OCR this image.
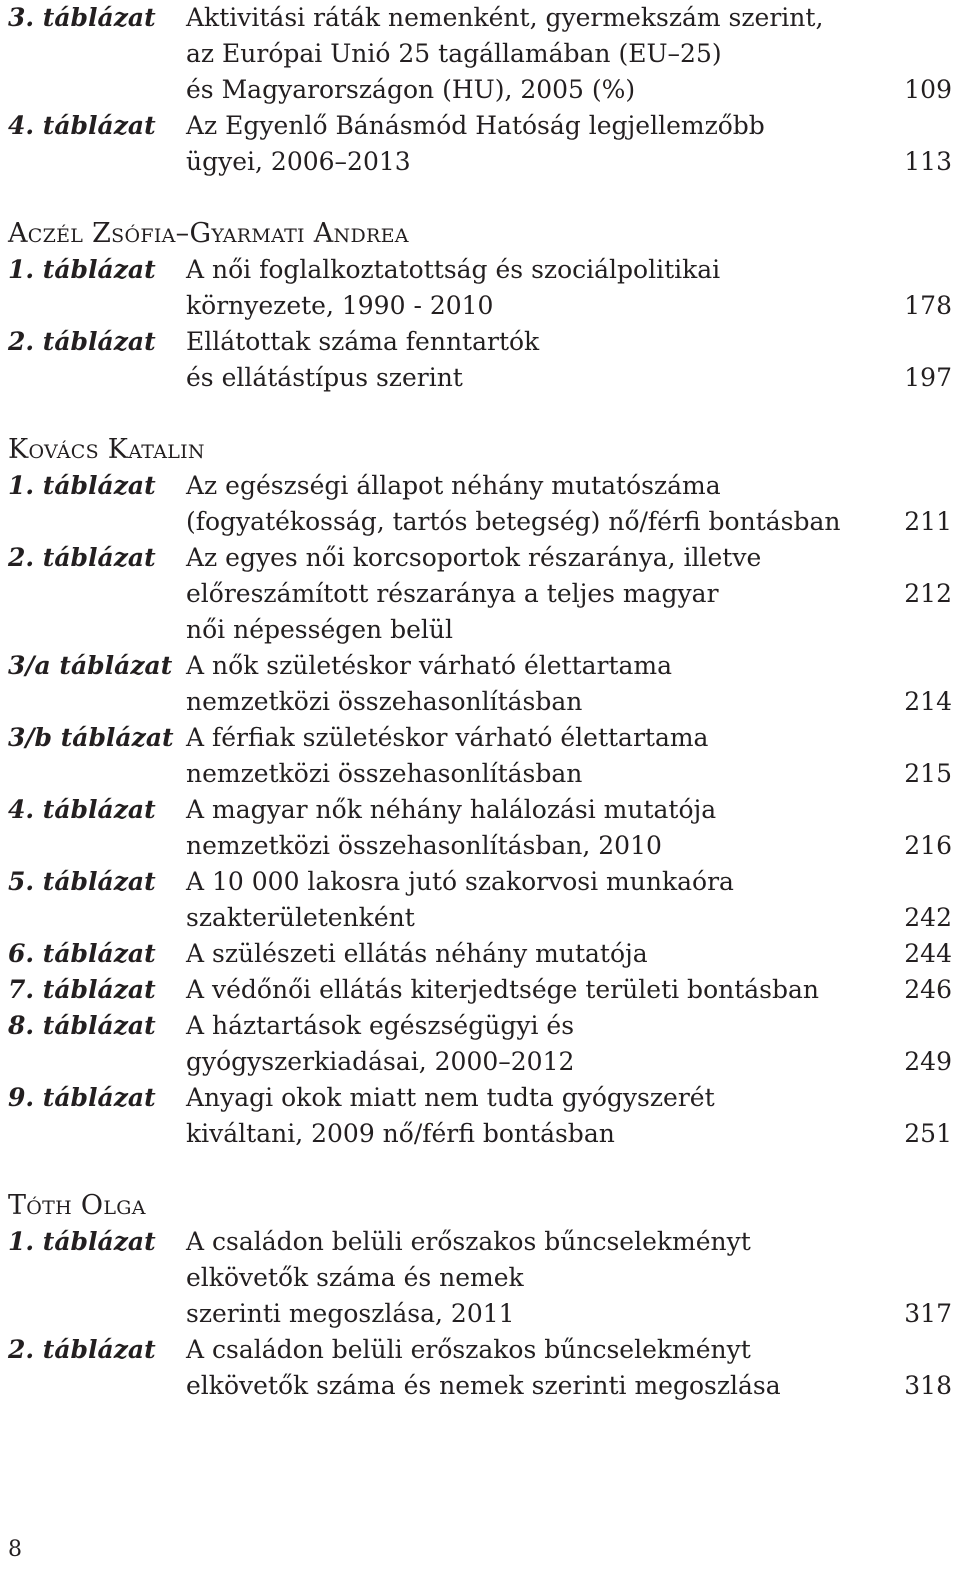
3. táblázat	Aktivitási ráták nemenként, gyermekszám szerint,
az Európai Unió 25 tagállamában (EU–25)
és Magyarországon (HU), 2005 (%)	109
4. táblázat	Az Egyenlő Bánásmód Hatóság legjellemzőbb
ügyei, 2006–2013	113
Aczél Zsófia–Gyarmati Andrea
1. táblázat	A női foglalkoztatottság és szociálpolitikai
környezete, 1990 - 2010	178
2. táblázat	Ellátottak száma fenntartók
és ellátástípus szerint	197
Kovács Katalin
1. táblázat	Az egészségi állapot néhány mutatószáma
(fogyatékosság, tartós betegség) nő/férfi bontásban	211
2. táblázat	Az egyes női korcsoportok részaránya, illetve
előreszámított részaránya a teljes magyar	212
női népességen belül
3/a táblázat A nők születéskor várható élettartama
nemzetközi összehasonlításban	214
3/b táblázat A férfiak születéskor várható élettartama
nemzetközi összehasonlításban	215
4. táblázat	A magyar nők néhány halálozási mutatója
nemzetközi összehasonlításban, 2010	216
5. táblázat	A 10 000 lakosra jutó szakorvosi munkaóra
szakterületenként	242
6. táblázat	A szülészeti ellátás néhány mutatója	244
7. táblázat	A védőnői ellátás kiterjedtsége területi bontásban	246
8. táblázat	A háztartások egészségügyi és
gyógyszerkiadásai, 2000–2012	249
9. táblázat	Anyagi okok miatt nem tudta gyógyszerét
kiváltani, 2009 nő/férfi bontásban	251
Tóth Olga
1. táblázat	A családon belüli erőszakos bűncselekményt
elkövetők száma és nemek
szerinti megoszlása, 2011	317
2. táblázat	A családon belüli erőszakos bűncselekményt
elkövetők száma és nemek szerinti megoszlása	318
8
